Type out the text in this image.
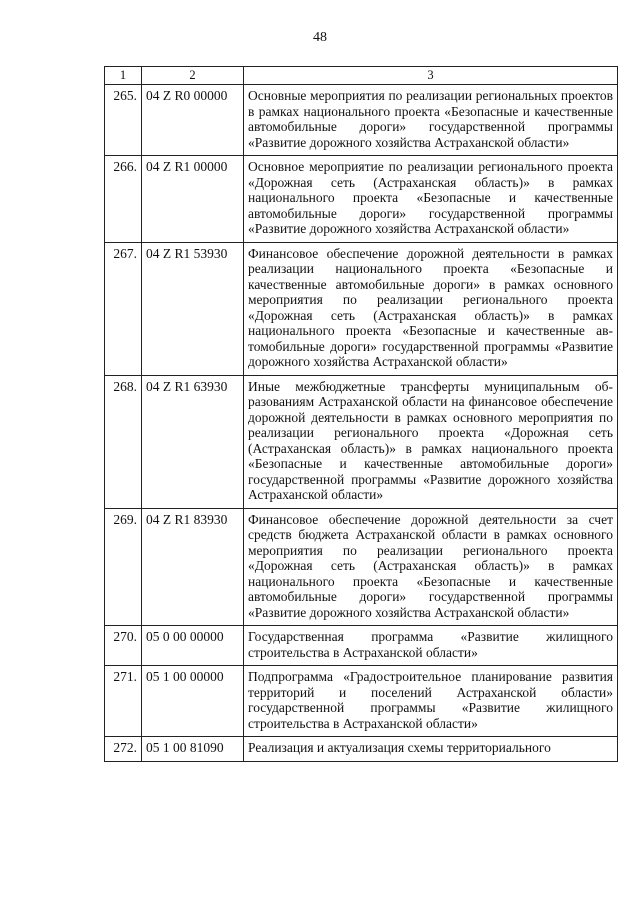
48
1	2	3
265.	04 Z R0 00000	Основные мероприятия по реализации региональных проектов в рамках национального проекта «Безопасные и качественные автомобильные дороги» государственной программы «Развитие дорожного хозяйства Астраханской области»
266.	04 Z R1 00000	Основное мероприятие по реализации регионального проекта «Дорожная сеть (Астраханская область)» в рамках национального проекта «Безопасные и качественные автомобильные дороги» государственной программы «Развитие дорожного хозяйства Астраханской области»
267.	04 Z R1 53930	Финансовое обеспечение дорожной деятельности в рамках реализации национального проекта «Безопасные и качественные автомобильные дороги» в рамках основного мероприятия по реализации регионального проекта «Дорожная сеть (Астраханская область)» в рамках национального проекта «Безопасные и качественные автомобильные дороги» государственной программы «Развитие дорожного хозяйства Астраханской области»
268.	04 Z R1 63930	Иные межбюджетные трансферты муниципальным образованиям Астраханской области на финансовое обеспечение дорожной деятельности в рамках основного мероприятия по реализации регионального проекта «Дорожная сеть (Астраханская область)» в рамках национального проекта «Безопасные и качественные автомобильные дороги» государственной программы «Развитие дорожного хозяйства Астраханской области»
269.	04 Z R1 83930	Финансовое обеспечение дорожной деятельности за счет средств бюджета Астраханской области в рамках основного мероприятия по реализации регионального проекта «Дорожная сеть (Астраханская область)» в рамках национального проекта «Безопасные и качественные автомобильные дороги» государственной программы «Развитие дорожного хозяйства Астраханской области»
270.	05 0 00 00000	Государственная программа «Развитие жилищного строительства в Астраханской области»
271.	05 1 00 00000	Подпрограмма «Градостроительное планирование развития территорий и поселений Астраханской области» государственной программы «Развитие жилищного строительства в Астраханской области»
272.	05 1 00 81090	Реализация и актуализация схемы территориального
